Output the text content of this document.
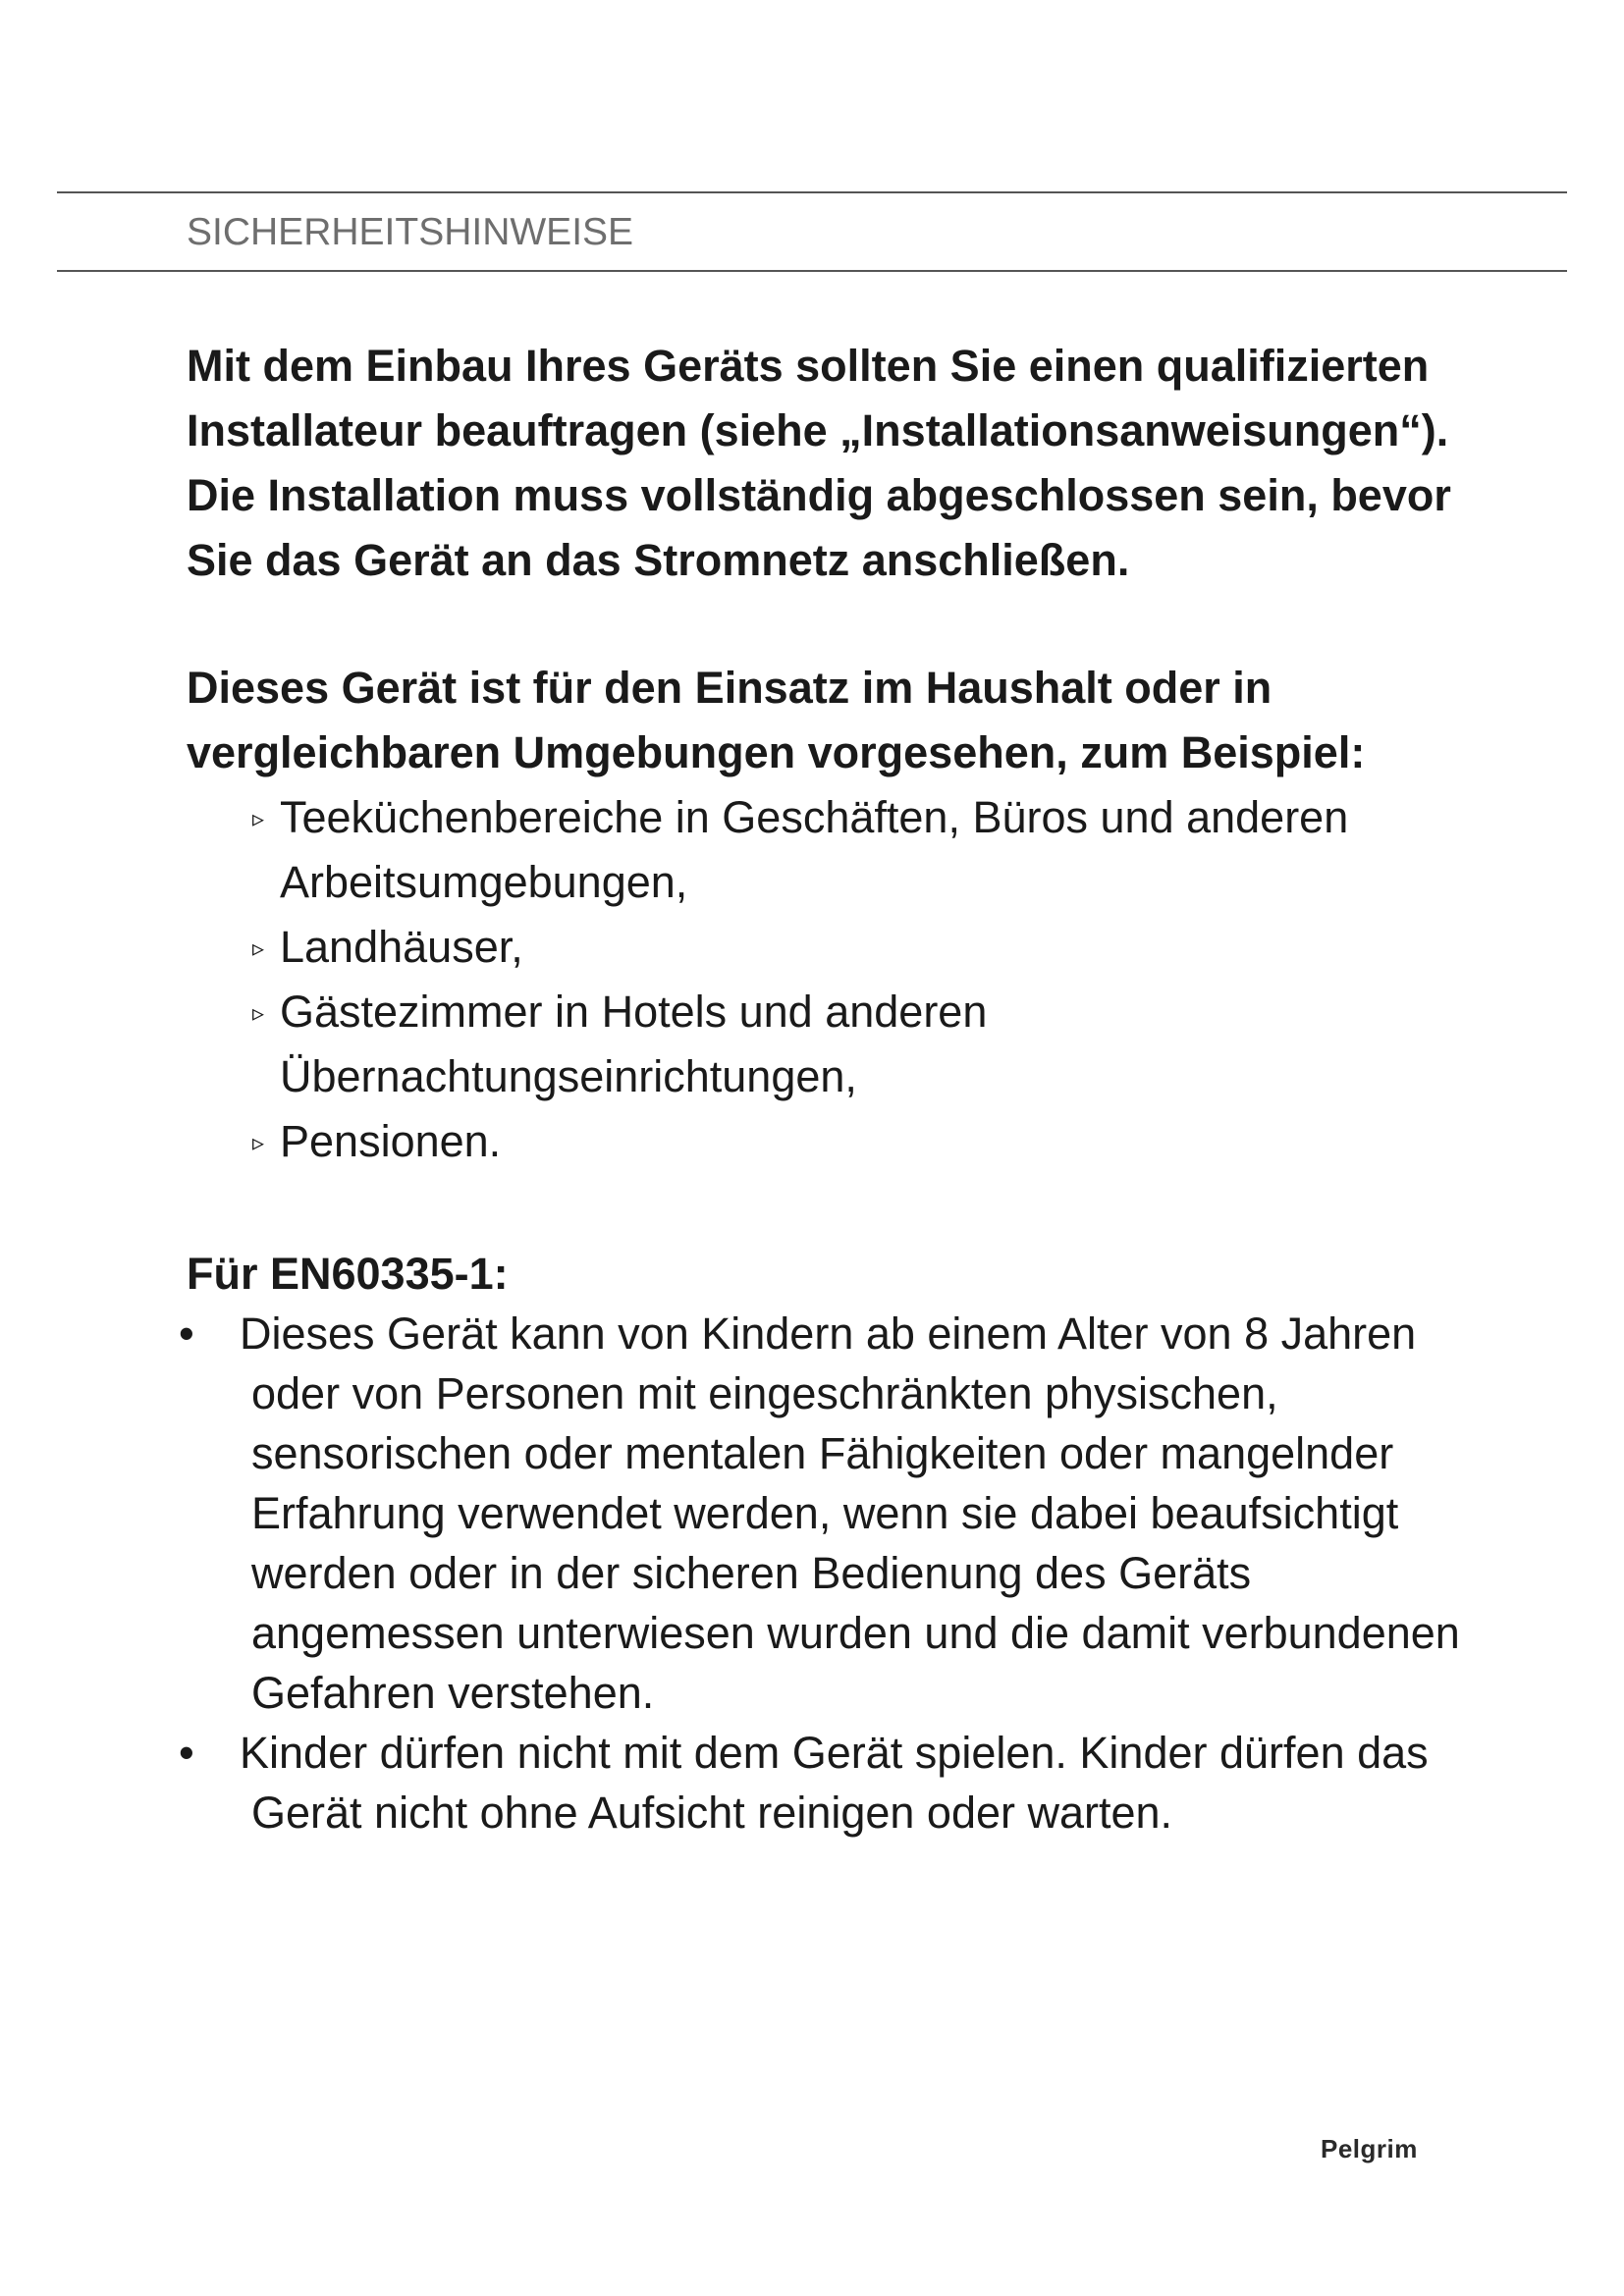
SICHERHEITSHINWEISE

Mit dem Einbau Ihres Geräts sollten Sie einen qualifizierten Installateur beauftragen (siehe „Installationsanweisungen“). Die Installation muss vollständig abgeschlossen sein, bevor Sie das Gerät an das Stromnetz anschließen.

Dieses Gerät ist für den Einsatz im Haushalt oder in vergleichbaren Umgebungen vorgesehen, zum Beispiel:

▹ Teeküchenbereiche in Geschäften, Büros und anderen Arbeitsumgebungen,
▹ Landhäuser,
▹ Gästezimmer in Hotels und anderen Übernachtungseinrichtungen,
▹ Pensionen.
Für EN60335-1:
• Dieses Gerät kann von Kindern ab einem Alter von 8 Jahren oder von Personen mit eingeschränkten physischen, sensorischen oder mentalen Fähigkeiten oder mangelnder Erfahrung verwendet werden, wenn sie dabei beaufsichtigt werden oder in der sicheren Bedienung des Geräts angemessen unterwiesen wurden und die damit verbundenen Gefahren verstehen.
• Kinder dürfen nicht mit dem Gerät spielen. Kinder dürfen das Gerät nicht ohne Aufsicht reinigen oder warten.
Pelgrim
